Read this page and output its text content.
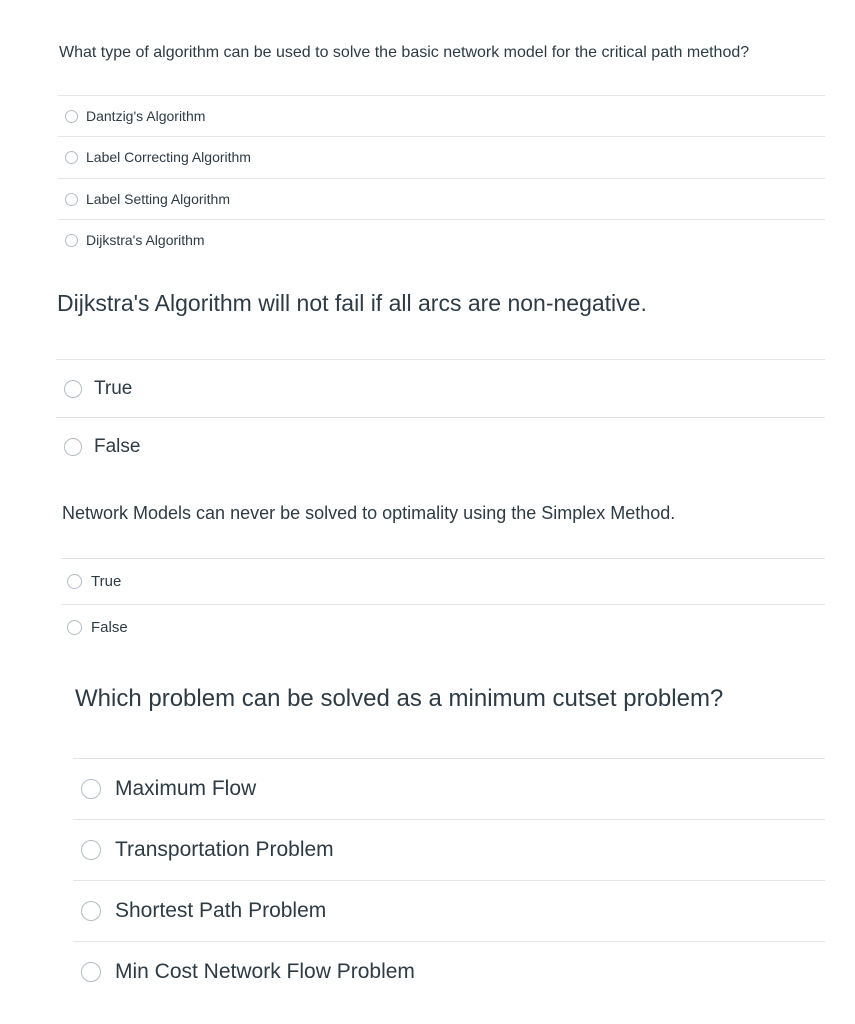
What type of algorithm can be used to solve the basic network model for the critical path method?
Dantzig's Algorithm
Label Correcting Algorithm
Label Setting Algorithm
Dijkstra's Algorithm
Dijkstra's Algorithm will not fail if all arcs are non-negative.
True
False
Network Models can never be solved to optimality using the Simplex Method.
True
False
Which problem can be solved as a minimum cutset problem?
Maximum Flow
Transportation Problem
Shortest Path Problem
Min Cost Network Flow Problem
